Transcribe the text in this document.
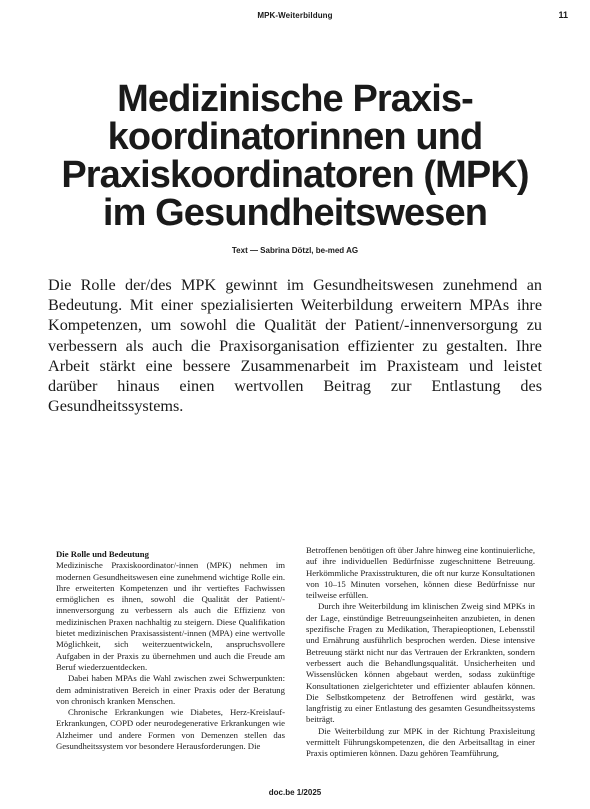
MPK-Weiterbildung	11
Medizinische Praxis-
koordinatorinnen und
Praxiskoordinatoren (MPK)
im Gesundheitswesen
Text — Sabrina Dötzl, be-med AG

Die Rolle der/des MPK gewinnt im Gesundheitswesen zunehmend an Bedeutung. Mit einer spezialisierten Weiterbildung erweitern MPAs ihre Kompetenzen, um sowohl die Qualität der Patient/-innenversorgung zu verbessern als auch die Praxisorganisation effizienter zu gestalten. Ihre Arbeit stärkt eine bessere Zusammenarbeit im Praxisteam und leistet darüber hinaus einen wertvollen Beitrag zur Entlastung des Gesundheitssystems.

Die Rolle und Bedeutung

Medizinische Praxiskoordinator/-innen (MPK) nehmen im modernen Gesundheitswesen eine zunehmend wichtige Rolle ein. Ihre erweiterten Kompetenzen und ihr vertieftes Fachwissen ermöglichen es ihnen, sowohl die Qualität der Patient/-innenversorgung zu verbessern als auch die Effizienz von medizinischen Praxen nachhaltig zu steigern. Diese Qualifikation bietet medizinischen Praxisassistent/-innen (MPA) eine wertvolle Möglichkeit, sich weiterzuentwickeln, anspruchsvollere Aufgaben in der Praxis zu übernehmen und auch die Freude am Beruf wiederzuentdecken.

Dabei haben MPAs die Wahl zwischen zwei Schwerpunkten: dem administrativen Bereich in einer Praxis oder der Beratung von chronisch kranken Menschen.

Chronische Erkrankungen wie Diabetes, Herz-Kreislauf-Erkrankungen, COPD oder neurodegenerative Erkrankungen wie Alzheimer und andere Formen von Demenzen stellen das Gesundheitssystem vor besondere Herausforderungen. Die

Betroffenen benötigen oft über Jahre hinweg eine kontinuierliche, auf ihre individuellen Bedürfnisse zugeschnittene Betreuung. Herkömmliche Praxisstrukturen, die oft nur kurze Konsultationen von 10–15 Minuten vorsehen, können diese Bedürfnisse nur teilweise erfüllen.

Durch ihre Weiterbildung im klinischen Zweig sind MPKs in der Lage, einstündige Betreuungseinheiten anzubieten, in denen spezifische Fragen zu Medikation, Therapieoptionen, Lebensstil und Ernährung ausführlich besprochen werden. Diese intensive Betreuung stärkt nicht nur das Vertrauen der Erkrankten, sondern verbessert auch die Behandlungsqualität. Unsicherheiten und Wissenslücken können abgebaut werden, sodass zukünftige Konsultationen zielgerichteter und effizienter ablaufen können. Die Selbstkompetenz der Betroffenen wird gestärkt, was langfristig zu einer Entlastung des gesamten Gesundheitssystems beiträgt.

Die Weiterbildung zur MPK in der Richtung Praxisleitung vermittelt Führungskompetenzen, die den Arbeitsalltag in einer Praxis optimieren können. Dazu gehören Teamführung,

doc.be 1/2025
